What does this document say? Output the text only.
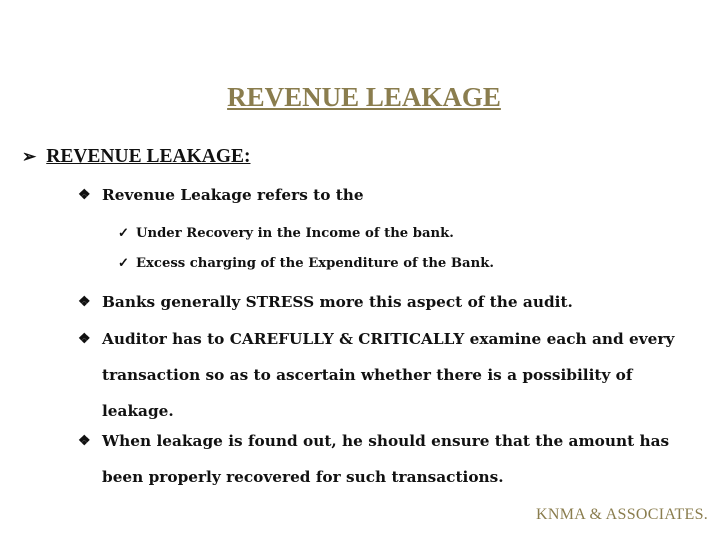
REVENUE LEAKAGE
➢ REVENUE LEAKAGE:
❖ Revenue Leakage refers to the
✓ Under Recovery in the Income of the bank.
✓ Excess charging of the Expenditure of the Bank.
❖ Banks generally STRESS more this aspect of the audit.
❖ Auditor has to CAREFULLY & CRITICALLY examine each and every transaction so as to ascertain whether there is a possibility of leakage.
❖ When leakage is found out, he should ensure that the amount has been properly recovered for such transactions.
KNMA & ASSOCIATES.
